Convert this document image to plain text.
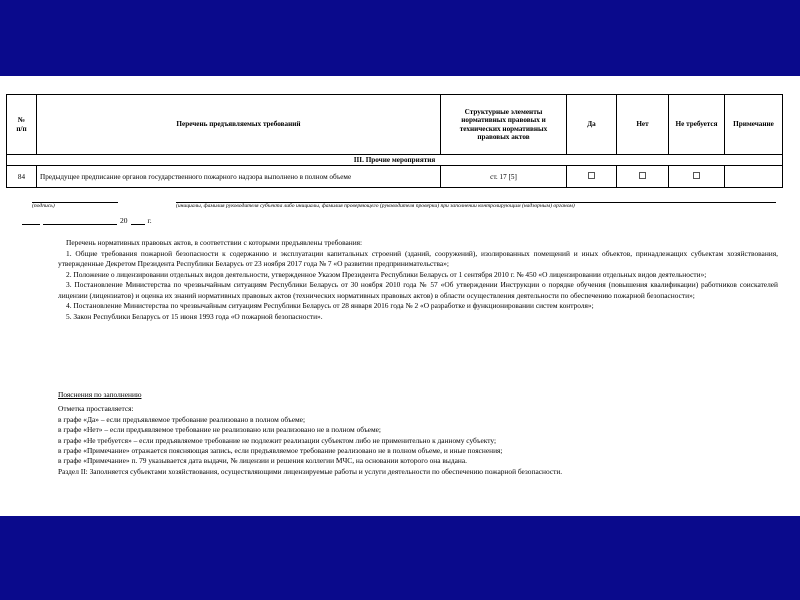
№
п/п	Перечень предъявляемых требований	Структурные элементы нормативных правовых и технических нормативных правовых актов	Да	Нет	Не требуется	Примечание
III. Прочие мероприятия						
84	Предыдущее предписание органов государственного пожарного надзора выполнено в полном объеме	ст. 17 [5]				
(подпись)	(инициалы, фамилия руководителя субъекта либо инициалы, фамилия проверяющего (руководителя проверки) при заполнении контролирующим (надзорным) органом)
20	г.

Перечень нормативных правовых актов, в соответствии с которыми предъявлены требования:

1. Общие требования пожарной безопасности к содержанию и эксплуатации капитальных строений (зданий, сооружений), изолированных помещений и иных объектов, принадлежащих субъектам хозяйствования, утвержденные Декретом Президента Республики Беларусь от 23 ноября 2017 года № 7 «О развитии предпринимательства»;

2. Положение о лицензировании отдельных видов деятельности, утвержденное Указом Президента Республики Беларусь от 1 сентября 2010 г. № 450 «О лицензировании отдельных видов деятельности»;

3. Постановление Министерства по чрезвычайным ситуациям Республики Беларусь от 30 ноября 2010 года № 57 «Об утверждении Инструкции о порядке обучения (повышения квалификации) работников соискателей лицензии (лицензиатов) и оценка их знаний нормативных правовых актов (технических нормативных правовых актов) в области осуществления деятельности по обеспечению пожарной безопасности»;

4. Постановление Министерства по чрезвычайным ситуациям Республики Беларусь от 28 января 2016 года № 2 «О разработке и функционировании систем контроля»;

5. Закон Республики Беларусь от 15 июня 1993 года «О пожарной безопасности».

Пояснения по заполнению

Отметка проставляется:

в графе «Да» – если предъявляемое требование реализовано в полном объеме;

в графе «Нет» – если предъявляемое требование не реализовано или реализовано не в полном объеме;

в графе «Не требуется» – если предъявляемое требование не подлежит реализации субъектом либо не применительно к данному субъекту;

в графе «Примечание» отражается поясняющая запись, если предъявляемое требование реализовано не в полном объеме, и иные пояснения;

в графе «Примечание» п. 79 указывается дата выдачи, № лицензии и решения коллегии МЧС, на основании которого она выдана.

Раздел II: Заполняется субъектами хозяйствования, осуществляющими лицензируемые работы и услуги деятельности по обеспечению пожарной безопасности.
